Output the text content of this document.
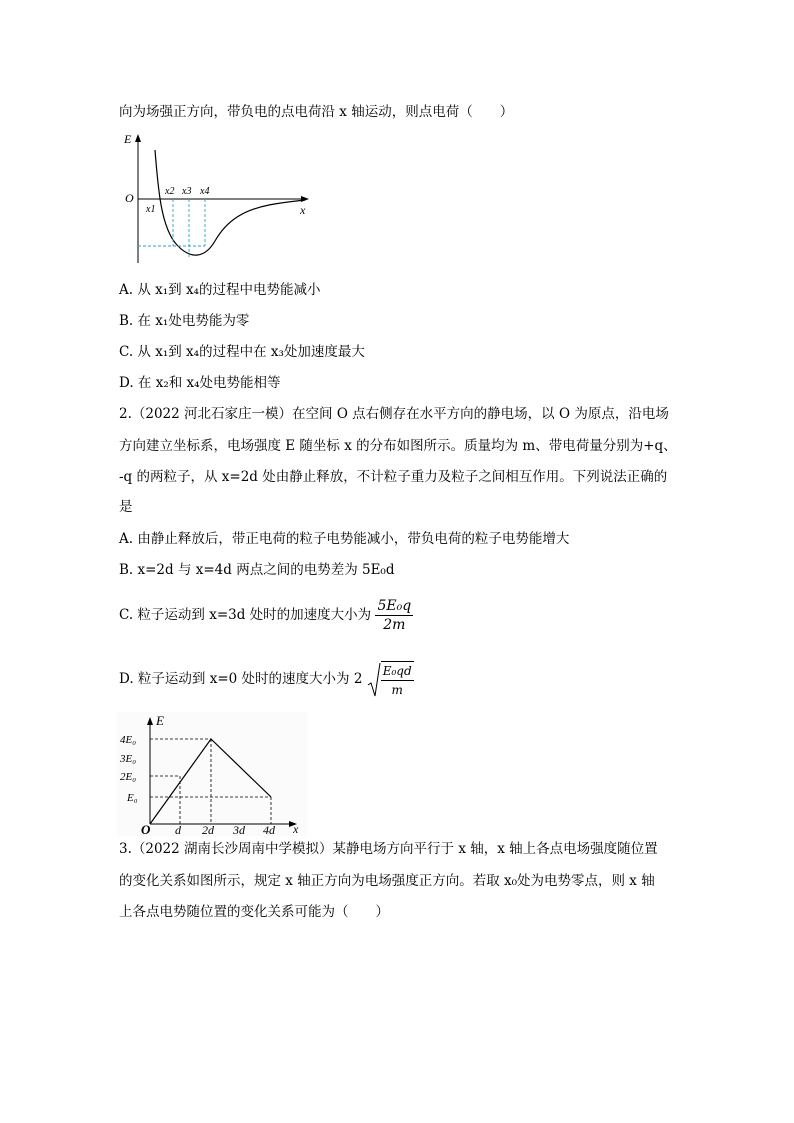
向为场强正方向，带负电的点电荷沿 x 轴运动，则点电荷（　　）
E
O
x
x1
x2 x3 x4
A. 从 x₁到 x₄的过程中电势能减小
B. 在 x₁处电势能为零
C. 从 x₁到 x₄的过程中在 x₃处加速度最大
D. 在 x₂和 x₄处电势能相等
2.（2022 河北石家庄一模）在空间 O 点右侧存在水平方向的静电场，以 O 为原点，沿电场
方向建立坐标系，电场强度 E 随坐标 x 的分布如图所示。质量均为 m、带电荷量分别为+q、
-q 的两粒子，从 x=2d 处由静止释放，不计粒子重力及粒子之间相互作用。下列说法正确的
是
A. 由静止释放后，带正电荷的粒子电势能减小，带负电荷的粒子电势能增大
B. x=2d 与 x=4d 两点之间的电势差为 5E₀d
C. 粒子运动到 x=3d 处时的加速度大小为 $\frac{\text{5E₀q}}{2m}$
D. 粒子运动到 x=0 处时的速度大小为 $2 \frac{\text{E₀qd}}{m}$
E
O	x
4E₀
3E₀
2E₀
E₀
d 2d 3d 4d
3.（2022 湖南长沙周南中学模拟）某静电场方向平行于 x 轴，x 轴上各点电场强度随位置
的变化关系如图所示，规定 x 轴正方向为电场强度正方向。若取 x₀处为电势零点，则 x 轴
上各点电势随位置的变化关系可能为（　　）
